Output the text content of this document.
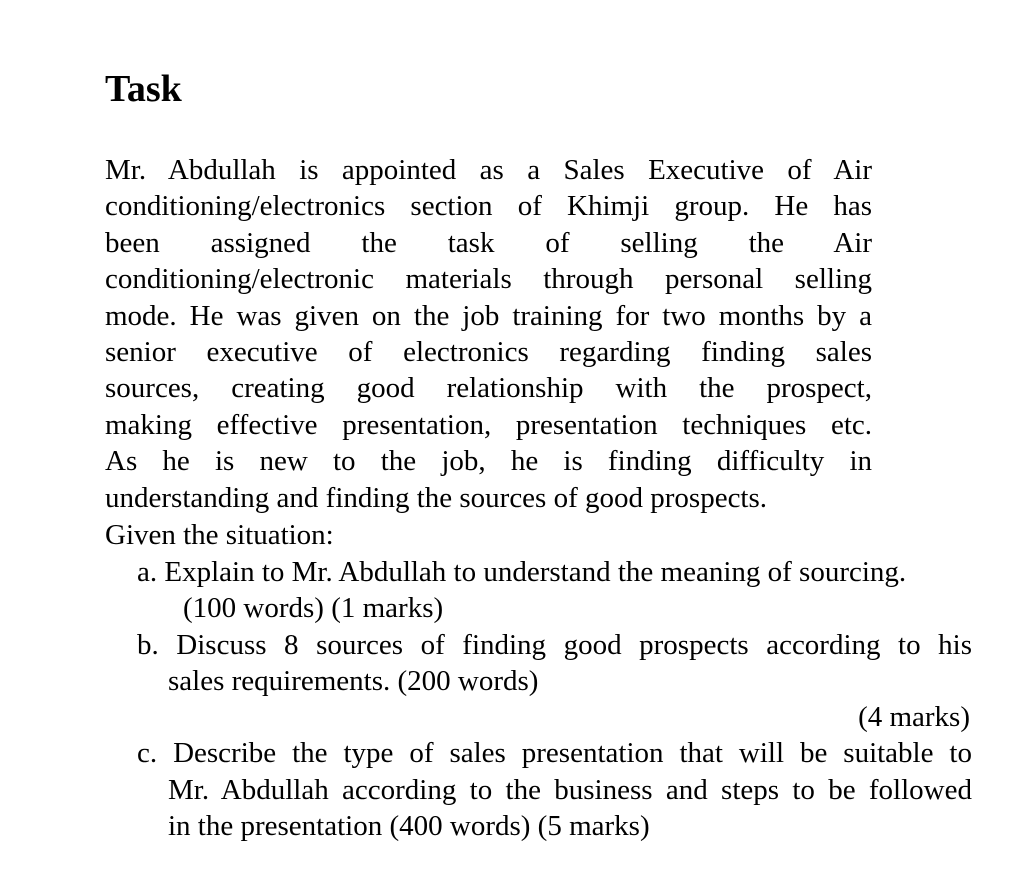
Task
Mr. Abdullah is appointed as a Sales Executive of Air
conditioning/electronics section of Khimji group. He has
been assigned the task of selling the Air
conditioning/electronic materials through personal selling
mode. He was given on the job training for two months by a
senior executive of electronics regarding finding sales
sources, creating good relationship with the prospect,
making effective presentation, presentation techniques etc.
As he is new to the job, he is finding difficulty in
understanding and finding the sources of good prospects.

Given the situation:

a. Explain to Mr. Abdullah to understand the meaning of sourcing.

(100 words) (1 marks)

b. Discuss 8 sources of finding good prospects according to his

sales requirements. (200 words)

(4 marks)

c. Describe the type of sales presentation that will be suitable to

Mr. Abdullah according to the business and steps to be followed

in the presentation (400 words) (5 marks)
